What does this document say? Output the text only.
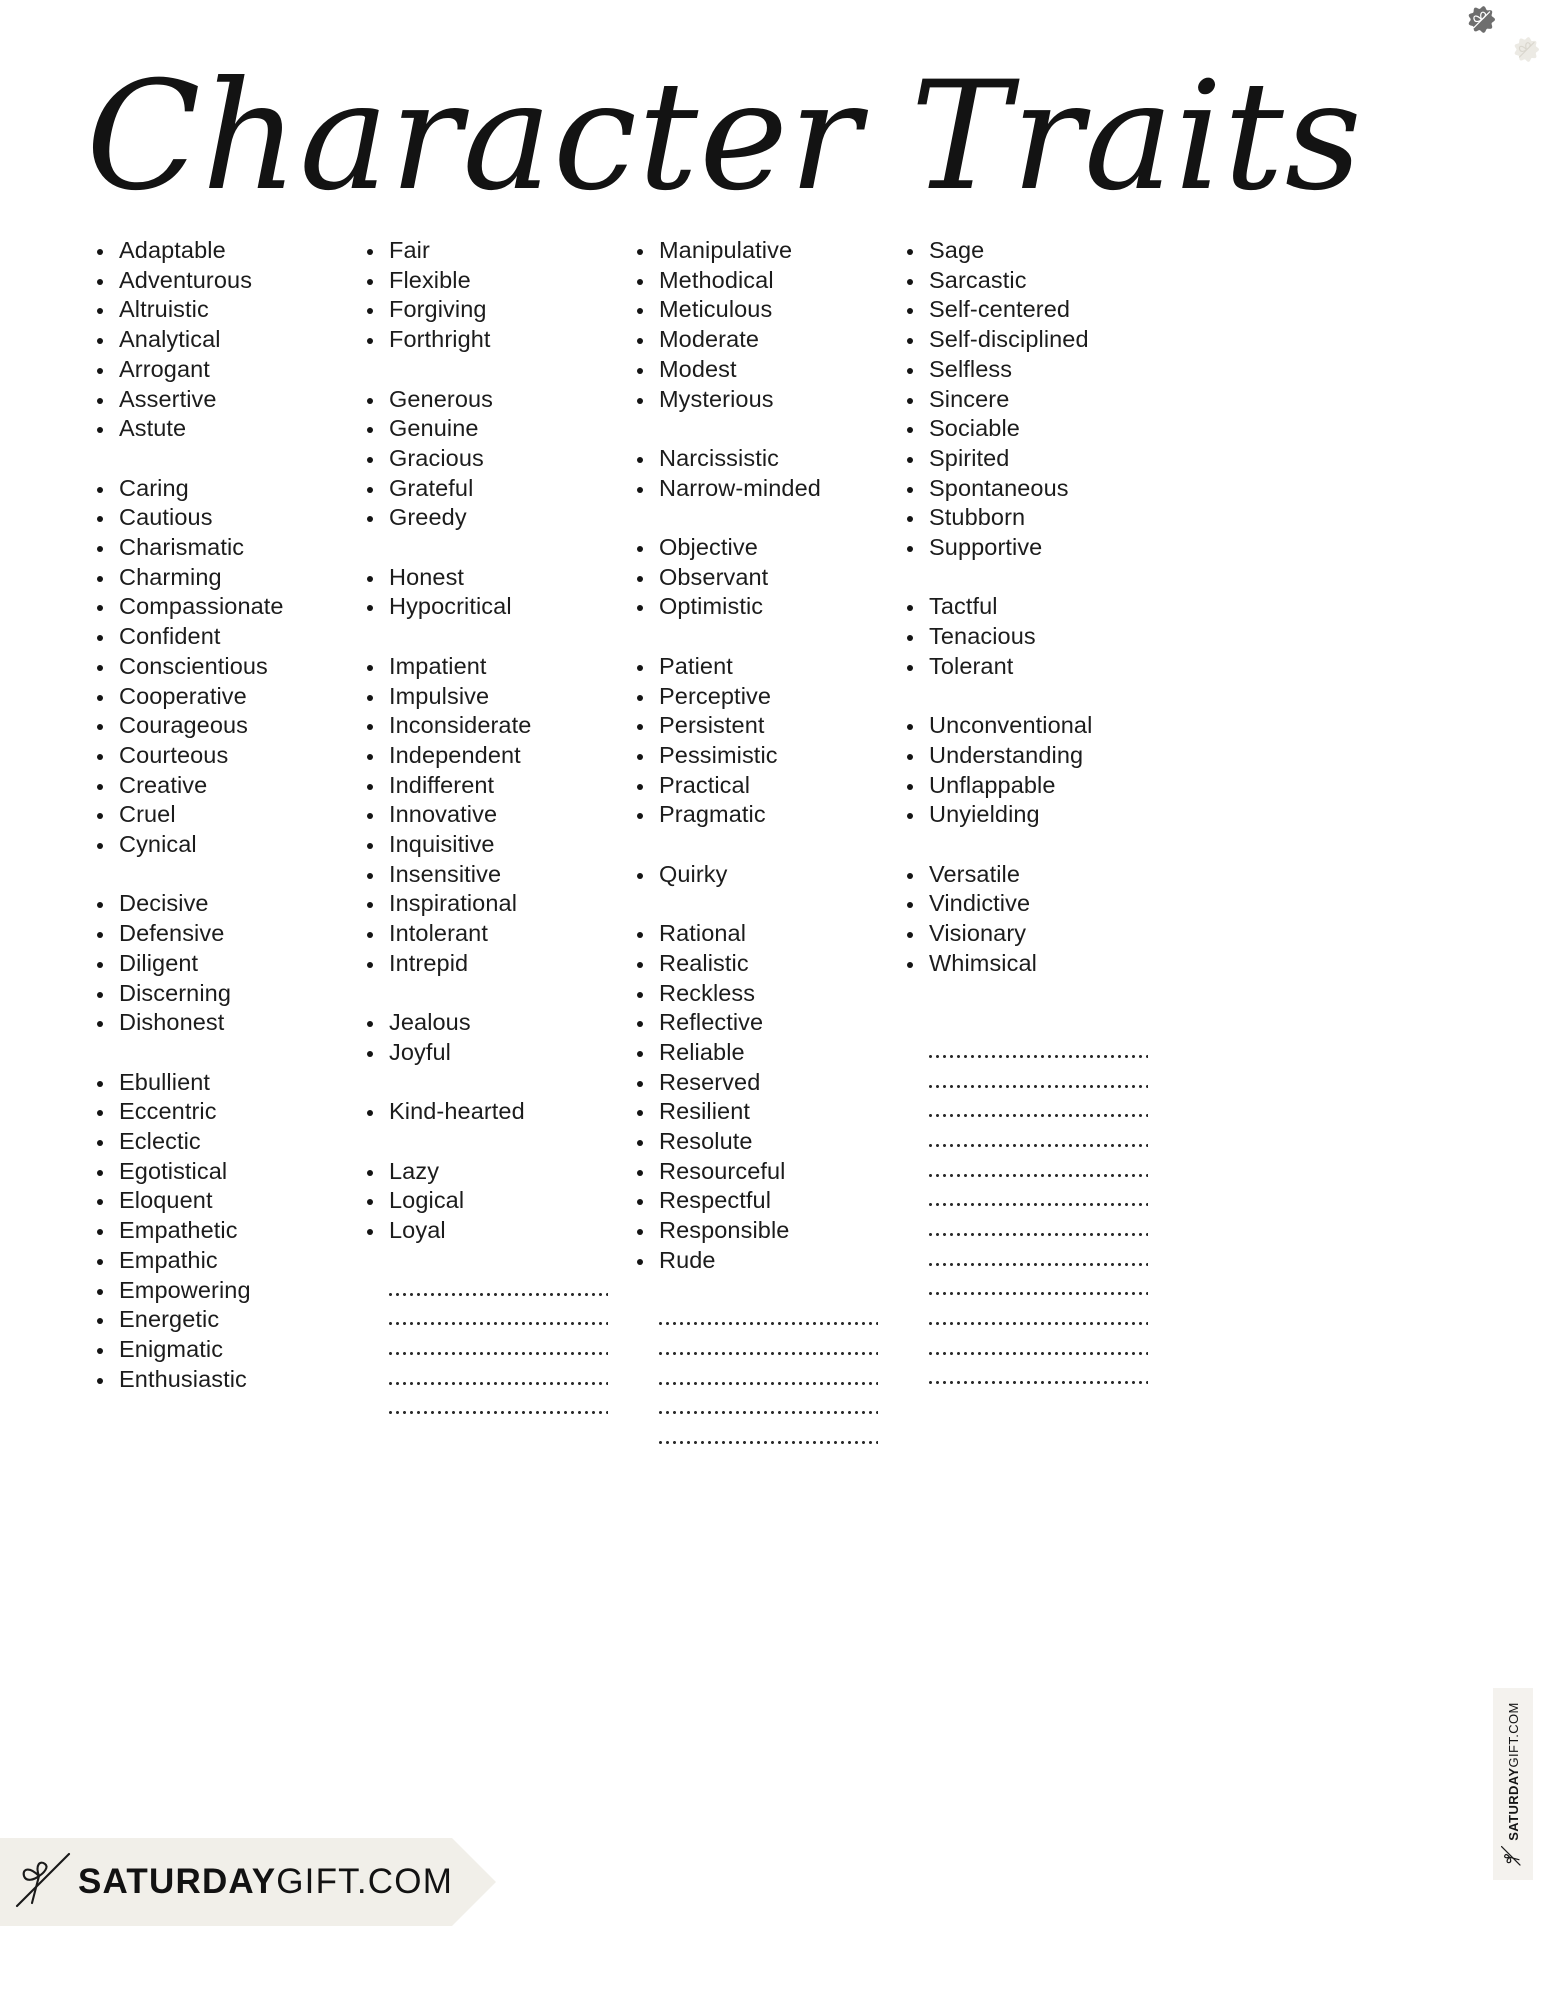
Character Traits
Adaptable
Adventurous
Altruistic
Analytical
Arrogant
Assertive
Astute
Caring
Cautious
Charismatic
Charming
Compassionate
Confident
Conscientious
Cooperative
Courageous
Courteous
Creative
Cruel
Cynical
Decisive
Defensive
Diligent
Discerning
Dishonest
Ebullient
Eccentric
Eclectic
Egotistical
Eloquent
Empathetic
Empathic
Empowering
Energetic
Enigmatic
Enthusiastic
Fair
Flexible
Forgiving
Forthright
Generous
Genuine
Gracious
Grateful
Greedy
Honest
Hypocritical
Impatient
Impulsive
Inconsiderate
Independent
Indifferent
Innovative
Inquisitive
Insensitive
Inspirational
Intolerant
Intrepid
Jealous
Joyful
Kind-hearted
Lazy
Logical
Loyal
Manipulative
Methodical
Meticulous
Moderate
Modest
Mysterious
Narcissistic
Narrow-minded
Objective
Observant
Optimistic
Patient
Perceptive
Persistent
Pessimistic
Practical
Pragmatic
Quirky
Rational
Realistic
Reckless
Reflective
Reliable
Reserved
Resilient
Resolute
Resourceful
Respectful
Responsible
Rude
Sage
Sarcastic
Self-centered
Self-disciplined
Selfless
Sincere
Sociable
Spirited
Spontaneous
Stubborn
Supportive
Tactful
Tenacious
Tolerant
Unconventional
Understanding
Unflappable
Unyielding
Versatile
Vindictive
Visionary
Whimsical
SATURDAYGIFT.COM
SATURDAYGIFT.COM
